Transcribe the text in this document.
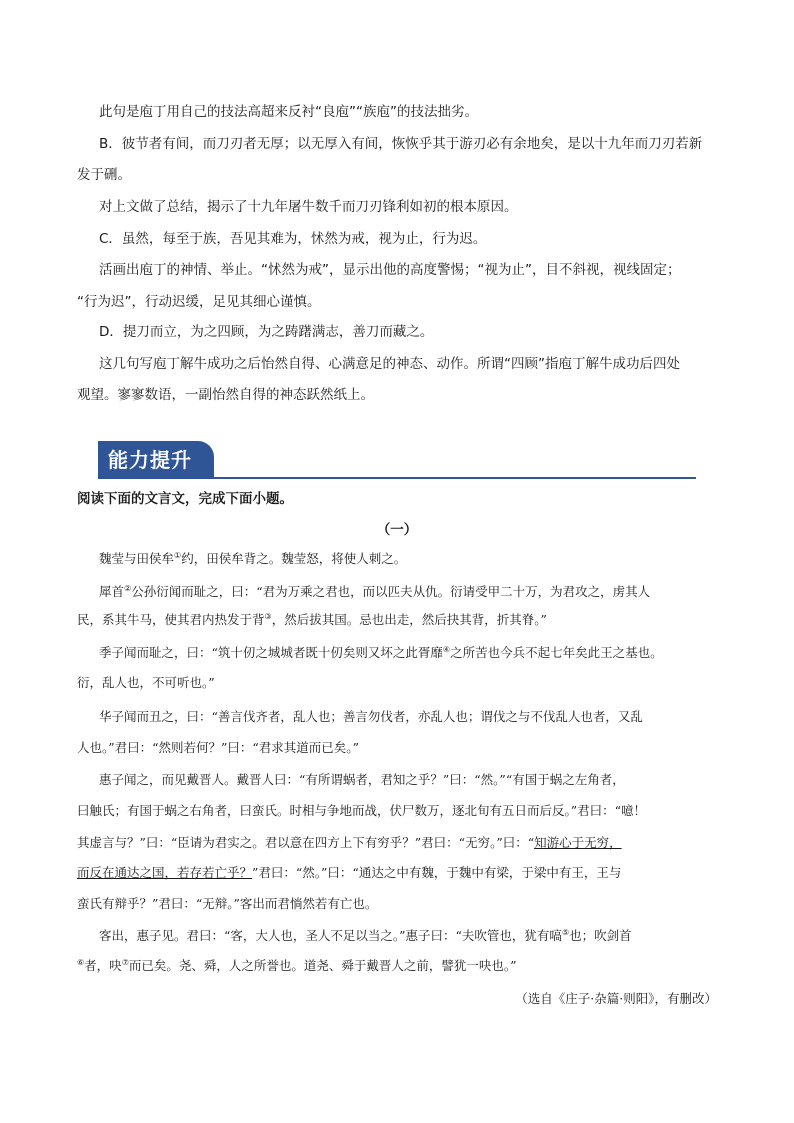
此句是庖丁用自己的技法高超来反衬“良庖”“族庖”的技法拙劣。
B．彼节者有间，而刀刃者无厚；以无厚入有间，恢恢乎其于游刃必有余地矣，是以十九年而刀刃若新
发于硎。
对上文做了总结，揭示了十九年屠牛数千而刀刃锋利如初的根本原因。
C．虽然，每至于族，吾见其难为，怵然为戒，视为止，行为迟。
活画出庖丁的神情、举止。“怵然为戒”，显示出他的高度警惕；“视为止”，目不斜视，视线固定；
“行为迟”，行动迟缓，足见其细心谨慎。
D．提刀而立，为之四顾，为之踌躇满志，善刀而藏之。
这几句写庖丁解牛成功之后怡然自得、心满意足的神态、动作。所谓“四顾”指庖丁解牛成功后四处
观望。寥寥数语，一副怡然自得的神态跃然纸上。
能力提升
阅读下面的文言文，完成下面小题。
（一）
魏莹与田侯牟①约，田侯牟背之。魏莹怒，将使人刺之。
犀首②公孙衍闻而耻之，曰：“君为万乘之君也，而以匹夫从仇。衍请受甲二十万，为君攻之，虏其人
民，系其牛马，使其君内热发于背③，然后拔其国。忌也出走，然后抉其背，折其脊。”
季子闻而耻之，曰：“筑十仞之城城者既十仞矣则又坏之此胥靡④之所苦也今兵不起七年矣此王之基也。
衍，乱人也，不可听也。”
华子闻而丑之，曰：“善言伐齐者，乱人也；善言勿伐者，亦乱人也；谓伐之与不伐乱人也者，又乱
人也。”君曰：“然则若何？”曰：“君求其道而已矣。”
惠子闻之，而见戴晋人。戴晋人曰：“有所谓蜗者，君知之乎？”曰：“然。”“有国于蜗之左角者，
曰触氏；有国于蜗之右角者，曰蛮氏。时相与争地而战，伏尸数万，逐北旬有五日而后反。”君曰：“噫！
其虚言与？”曰：“臣请为君实之。君以意在四方上下有穷乎？”君曰：“无穷。”曰：“知游心于无穷，
而反在通达之国，若存若亡乎？”君曰：“然。”曰：“通达之中有魏，于魏中有梁，于梁中有王，王与
蛮氏有辩乎？”君曰：“无辩。”客出而君惝然若有亡也。
客出，惠子见。君曰：“客，大人也，圣人不足以当之。”惠子曰：“夫吹管也，犹有嗃⑤也；吹剑首
⑥者，吷⑦而已矣。尧、舜，人之所誉也。道尧、舜于戴晋人之前，譬犹一吷也。”
（选自《庄子·杂篇·则阳》，有删改）
